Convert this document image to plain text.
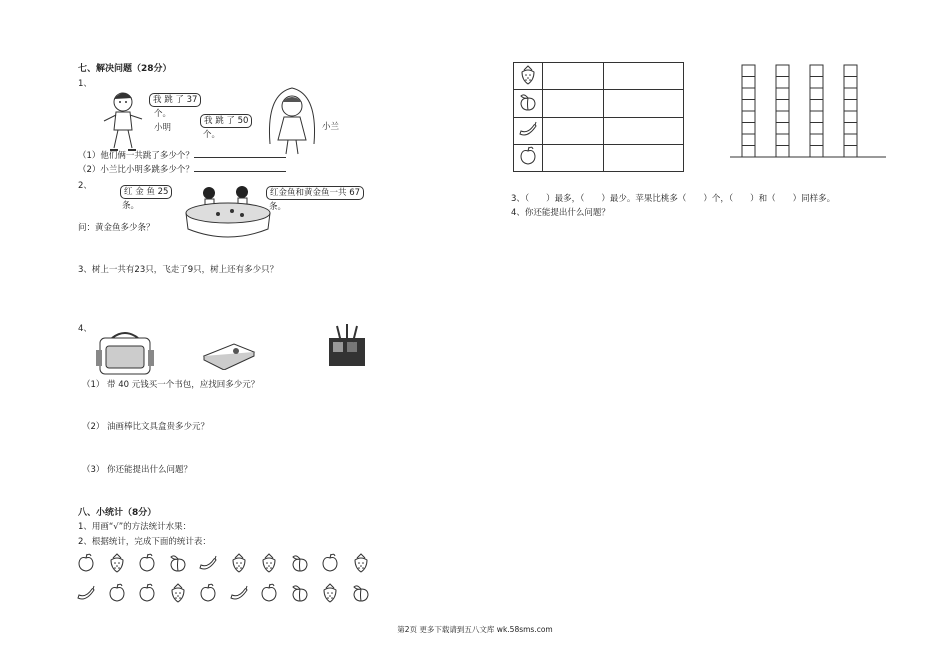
七、解决问题（28分）
1、
我 跳 了 37
个。
小明
我 跳 了 50
个。
小兰
（1）他们俩一共跳了多少个？
（2）小兰比小明多跳多少个？
2、
红 金 鱼 25
条。
红金鱼和黄金鱼一共 67
条。
问：黄金鱼多少条？
3、树上一共有23只，飞走了9只，树上还有多少只？
4、
（1） 带 40 元钱买一个书包，应找回多少元？
（2） 油画棒比文具盒贵多少元？
（3） 你还能提出什么问题？
八、小统计（8分）
1、用画“√”的方法统计水果：
2、根据统计，完成下面的统计表：

3、（　　）最多，（　　）最少。苹果比桃多（　　）个，（　　）和（　　）同样多。
4、你还能提出什么问题？
第2页 更多下载请到五八文库 wk.58sms.com
